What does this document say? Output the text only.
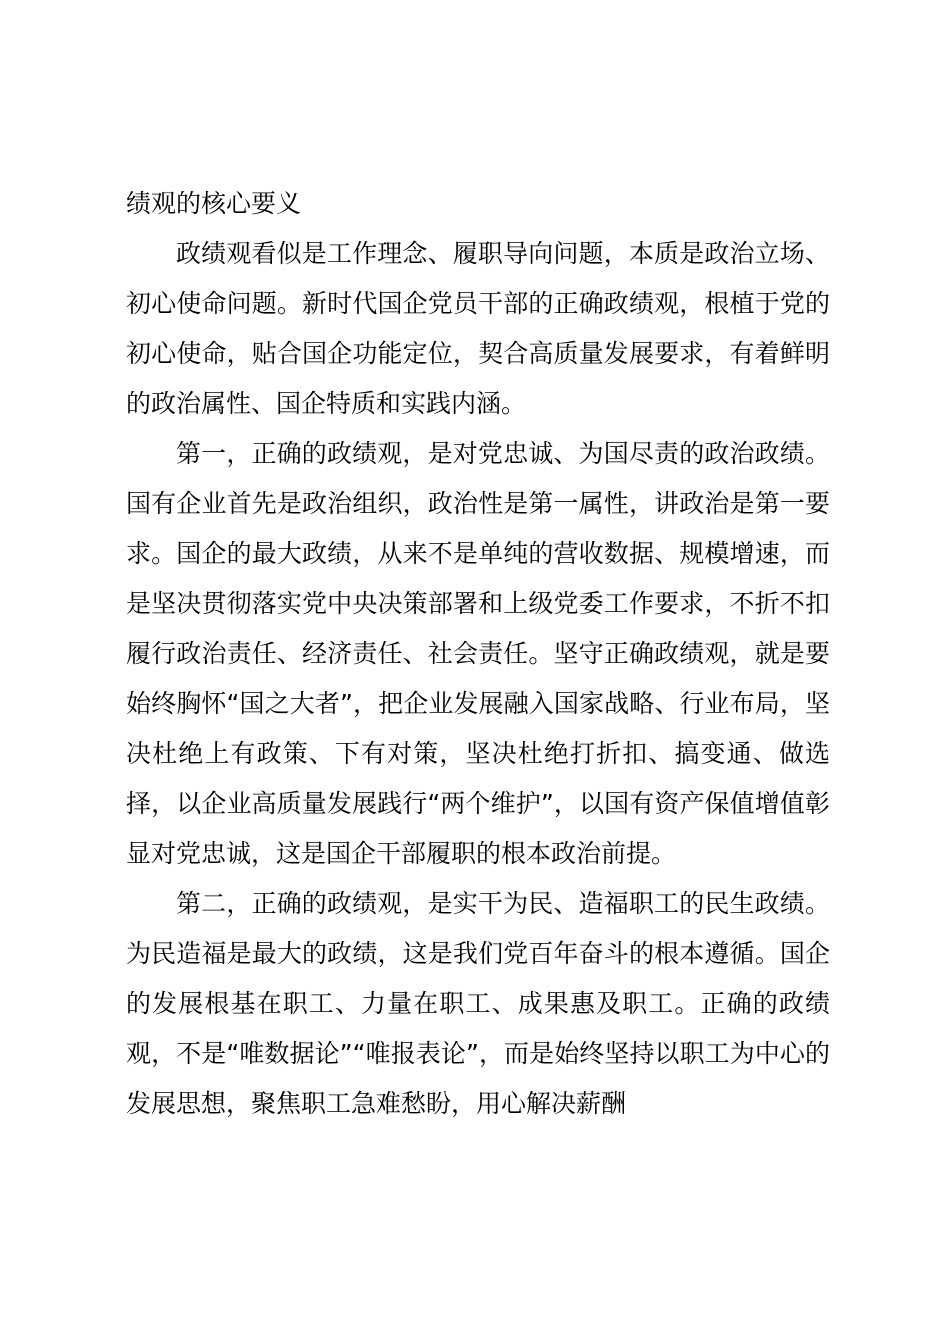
绩观的核心要义

政绩观看似是工作理念、履职导向问题，本质是政治立场、初心使命问题。新时代国企党员干部的正确政绩观，根植于党的初心使命，贴合国企功能定位，契合高质量发展要求，有着鲜明的政治属性、国企特质和实践内涵。

第一，正确的政绩观，是对党忠诚、为国尽责的政治政绩。国有企业首先是政治组织，政治性是第一属性，讲政治是第一要求。国企的最大政绩，从来不是单纯的营收数据、规模增速，而是坚决贯彻落实党中央决策部署和上级党委工作要求，不折不扣履行政治责任、经济责任、社会责任。坚守正确政绩观，就是要始终胸怀“国之大者”，把企业发展融入国家战略、行业布局，坚决杜绝上有政策、下有对策，坚决杜绝打折扣、搞变通、做选择，以企业高质量发展践行“两个维护”，以国有资产保值增值彰显对党忠诚，这是国企干部履职的根本政治前提。

第二，正确的政绩观，是实干为民、造福职工的民生政绩。为民造福是最大的政绩，这是我们党百年奋斗的根本遵循。国企的发展根基在职工、力量在职工、成果惠及职工。正确的政绩观，不是“唯数据论”“唯报表论”，而是始终坚持以职工为中心的发展思想，聚焦职工急难愁盼，用心解决薪酬
